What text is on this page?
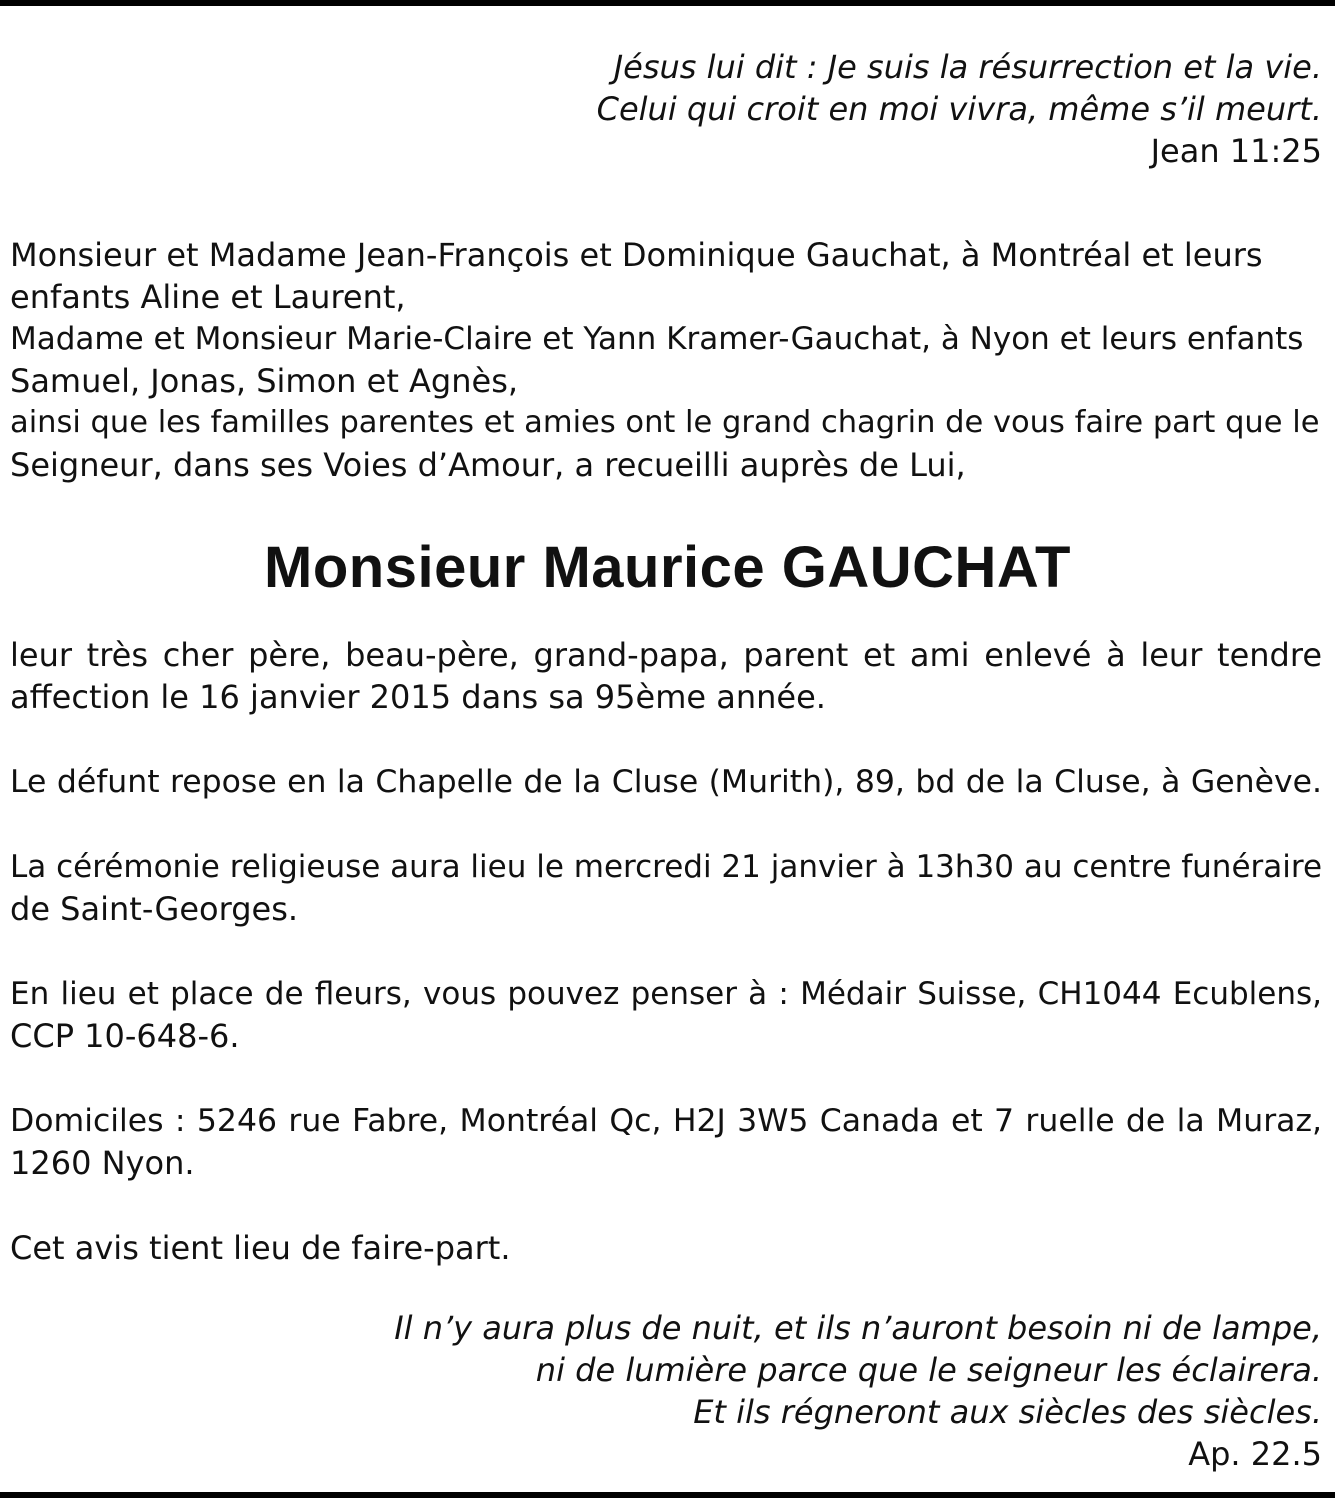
Jésus lui dit : Je suis la résurrection et la vie.
Celui qui croit en moi vivra, même s’il meurt.
Jean 11:25
Monsieur et Madame Jean-François et Dominique Gauchat, à Montréal et leurs
enfants Aline et Laurent,
Madame et Monsieur Marie-Claire et Yann Kramer-Gauchat, à Nyon et leurs enfants
Samuel, Jonas, Simon et Agnès,
ainsi que les familles parentes et amies ont le grand chagrin de vous faire part que le
Seigneur, dans ses Voies d’Amour, a recueilli auprès de Lui,
Monsieur Maurice GAUCHAT
leur très cher père, beau-père, grand-papa, parent et ami enlevé à leur tendre
affection le 16 janvier 2015 dans sa 95ème année.
Le défunt repose en la Chapelle de la Cluse (Murith), 89, bd de la Cluse, à Genève.
La cérémonie religieuse aura lieu le mercredi 21 janvier à 13h30 au centre funéraire
de Saint-Georges.
En lieu et place de fleurs, vous pouvez penser à : Médair Suisse, CH1044 Ecublens,
CCP 10-648-6.
Domiciles : 5246 rue Fabre, Montréal Qc, H2J 3W5 Canada et 7 ruelle de la Muraz,
1260 Nyon.
Cet avis tient lieu de faire-part.
Il n’y aura plus de nuit, et ils n’auront besoin ni de lampe,
ni de lumière parce que le seigneur les éclairera.
Et ils régneront aux siècles des siècles.
Ap. 22.5
